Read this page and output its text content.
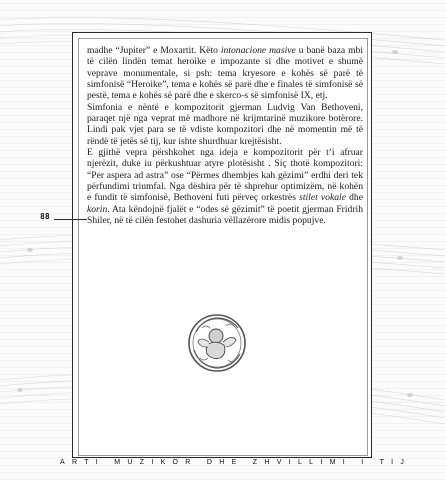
88

madhe “Jupiter” e Moxartit. Këto intonacione masive u banë baza mbi të cilën lindën temat heroike e impozante si dhe motivet e shumë veprave monumentale, si psh: tema kryesore e kohës së parë të simfonisë “Heroike”, tema e kohës së parë dhe e finales të simfonisë së pestë, tema e kohës së parë dhe e skerco-s së simfonisë IX, etj.

Simfonia e nëntë e kompozitorit gjerman Ludvig Van Bethoveni, paraqet një nga veprat më madhore në krijmtarinë muzikore botërore. Lindi pak vjet para se të vdiste kompozitori dhe në momentin më të rëndë të jetës së tij, kur ishte shurdhuar krejtësisht.

E gjithë vepra përshkohet nga ideja e kompozitorit për t’i afruar njerëzit, duke iu përkushtuar atyre plotësisht . Siç thotë kompozitori: “Per aspera ad astra” ose “Përmes dhembjes kah gëzimi” erdhi deri tek përfundimi triumfal. Nga dëshira për të shprehur optimizëm, në kohën e fundit të simfonisë, Bethoveni futi përveç orkestrës stilet vokale dhe korin. Ata këndojnë fjalët e “odes së gëzimit” të poetit gjerman Fridrih Shiler, në të cilën festohet dashuria vëllazërore midis popujve.

ARTI MUZIKOR DHE ZHVILLIMI I TIJ
